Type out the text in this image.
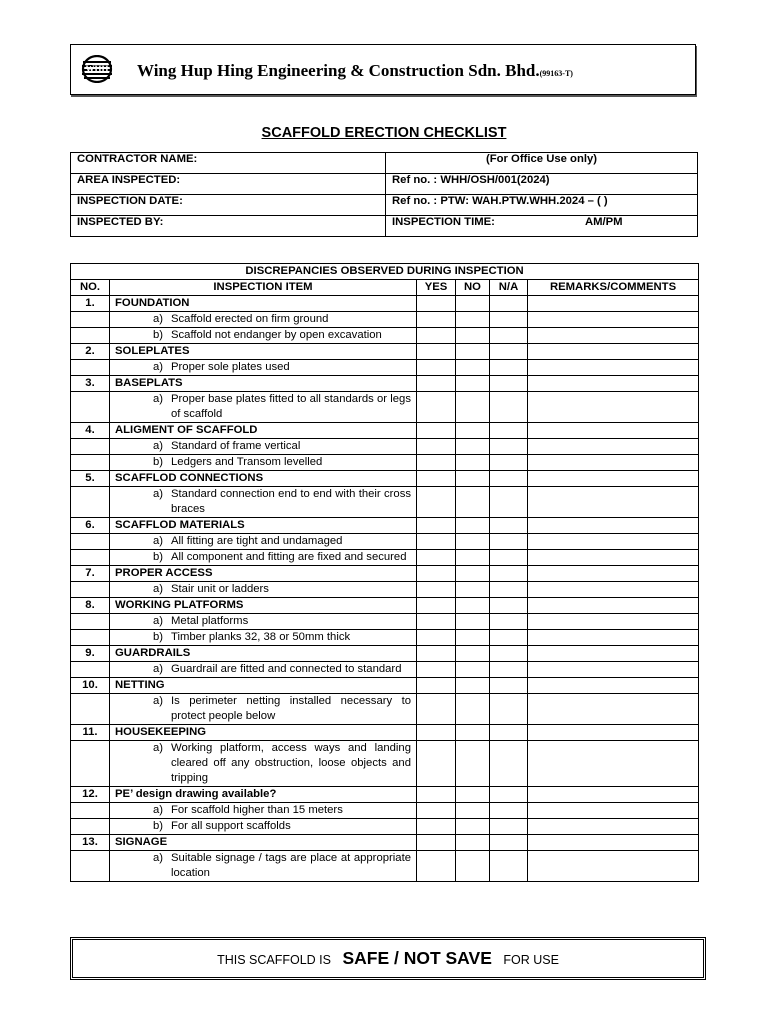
WHH Wing Hup Hing Engineering & Construction Sdn. Bhd.(99163-T)
SCAFFOLD ERECTION CHECKLIST
CONTRACTOR NAME:	(For Office Use only)
AREA INSPECTED:	Ref no. : WHH/OSH/001(2024)
INSPECTION DATE:	Ref no. : PTW: WAH.PTW.WHH.2024 – ( )
INSPECTED BY:	INSPECTION TIME: AM/PM
DISCREPANCIES OBSERVED DURING INSPECTION					
NO.	INSPECTION ITEM	YES	NO	N/A	REMARKS/COMMENTS
1.	FOUNDATION				

	a) Scaffold erected on firm ground				

	b) Scaffold not endanger by open excavation				

2.	SOLEPLATES				

	a) Proper sole plates used				

3.	BASEPLATS				

	a) Proper base plates fitted to all standards or legs of scaffold				

4.	ALIGMENT OF SCAFFOLD				

	a) Standard of frame vertical				

	b) Ledgers and Transom levelled				

5.	SCAFFLOD CONNECTIONS				

	a) Standard connection end to end with their cross braces				

6.	SCAFFLOD MATERIALS				

	a) All fitting are tight and undamaged				

	b) All component and fitting are fixed and secured				

7.	PROPER ACCESS				

	a) Stair unit or ladders				

8.	WORKING PLATFORMS				

	a) Metal platforms				

	b) Timber planks 32, 38 or 50mm thick				

9.	GUARDRAILS				

	a) Guardrail are fitted and connected to standard				

10.	NETTING				

	a) Is perimeter netting installed necessary to protect people below				

11.	HOUSEKEEPING				

	a) Working platform, access ways and landing cleared off any obstruction, loose objects and tripping				

12.	PE’ design drawing available?				

	a) For scaffold higher than 15 meters				

	b) For all support scaffolds				

13.	SIGNAGE				

	a) Suitable signage / tags are place at appropriate location				

THIS SCAFFOLD IS SAFE / NOT SAVE FOR USE
